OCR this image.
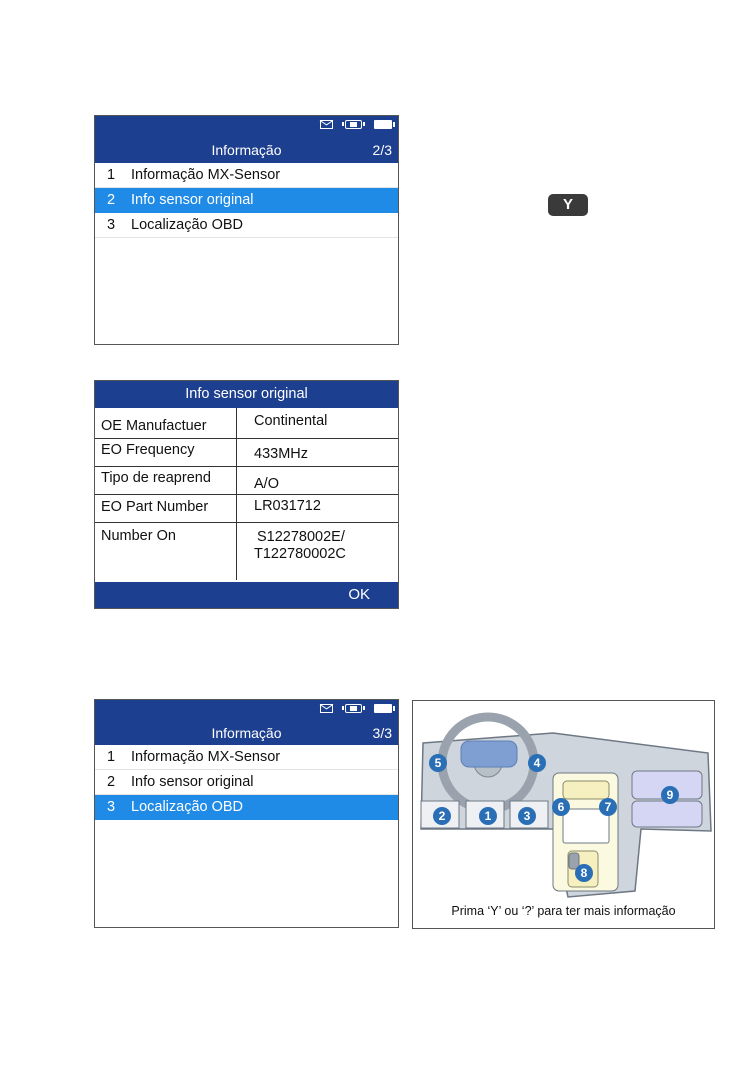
Informação	2/3
1 Informação MX-Sensor
2 Info sensor original
3 Localização OBD
Y
Info sensor original
OE Manufactuer	Continental
EO Frequency	433MHz
Tipo de reaprend	A/O
EO Part Number	LR031712
Number On	S12278002E/
T122780002C
OK
Informação	3/3
1 Informação MX-Sensor
2 Info sensor original
3 Localização OBD
1
2	3
4
5
6	7
8
9
Prima ‘Y’ ou ‘?’ para ter mais informação
